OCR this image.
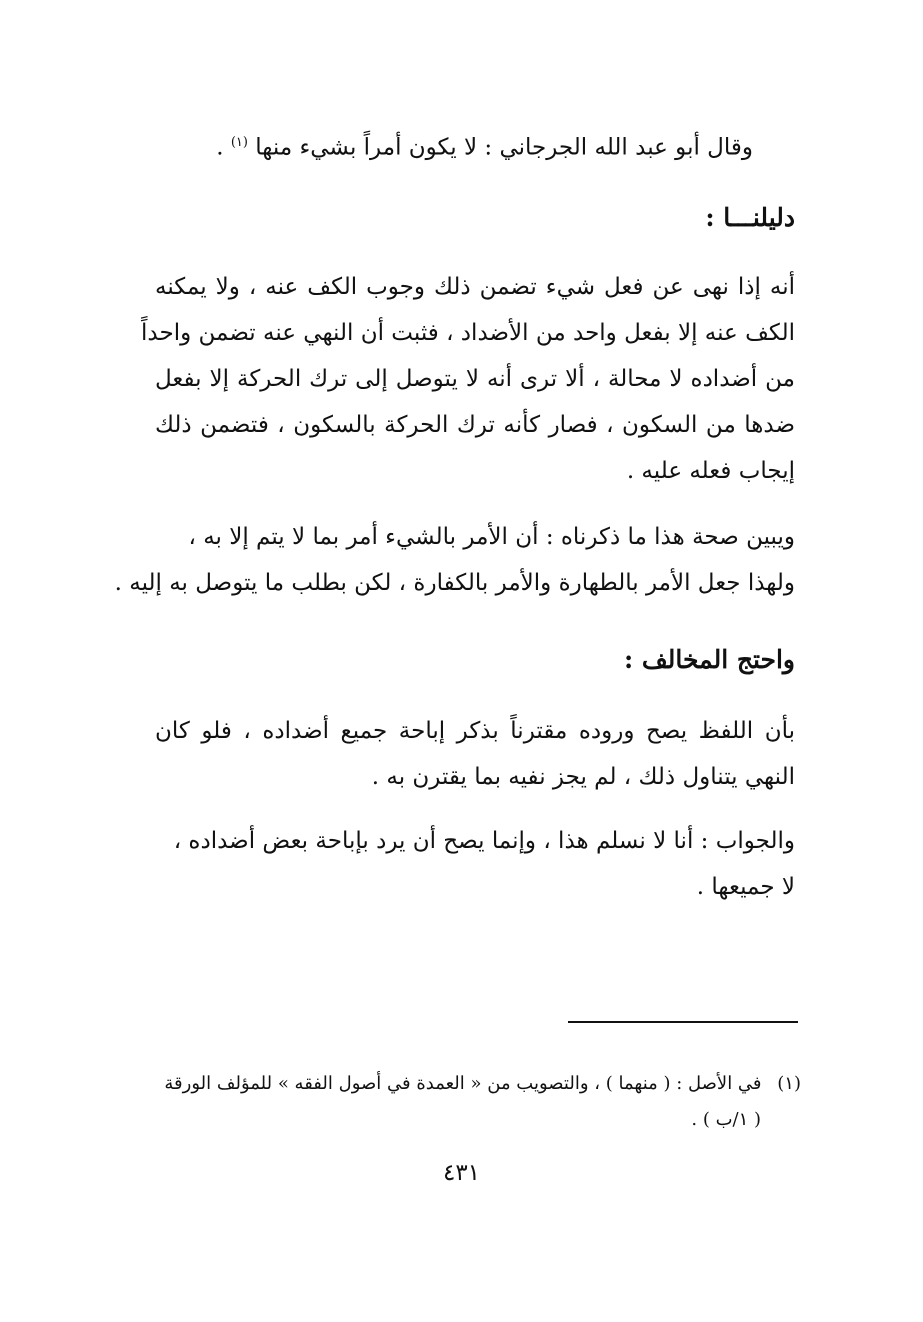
وقال أبو عبد الله الجرجاني : لا يكون أمراً بشيء منها $^{(١)}$ .
دليلنـــا :
أنه إذا نهى عن فعل شيء تضمن ذلك وجوب الكف عنه ، ولا يمكنه
الكف عنه إلا بفعل واحد من الأضداد ، فثبت أن النهي عنه تضمن واحداً
من أضداده لا محالة ، ألا ترى أنه لا يتوصل إلى ترك الحركة إلا بفعل
ضدها من السكون ، فصار كأنه ترك الحركة بالسكون ، فتضمن ذلك
إيجاب فعله عليه .
ويبين صحة هذا ما ذكرناه : أن الأمر بالشيء أمر بما لا يتم إلا به ،
ولهذا جعل الأمر بالطهارة والأمر بالكفارة ، لكن بطلب ما يتوصل به إليه .
واحتج المخالف :
بأن اللفظ يصح وروده مقترناً بذكر إباحة جميع أضداده ، فلو كان
النهي يتناول ذلك ، لم يجز نفيه بما يقترن به .
والجواب : أنا لا نسلم هذا ، وإنما يصح أن يرد بإباحة بعض أضداده ،
لا جميعها .
(١) في الأصل : ( منهما ) ، والتصويب من « العمدة في أصول الفقه » للمؤلف الورقة
( ١/ب ) .
٤٣١
